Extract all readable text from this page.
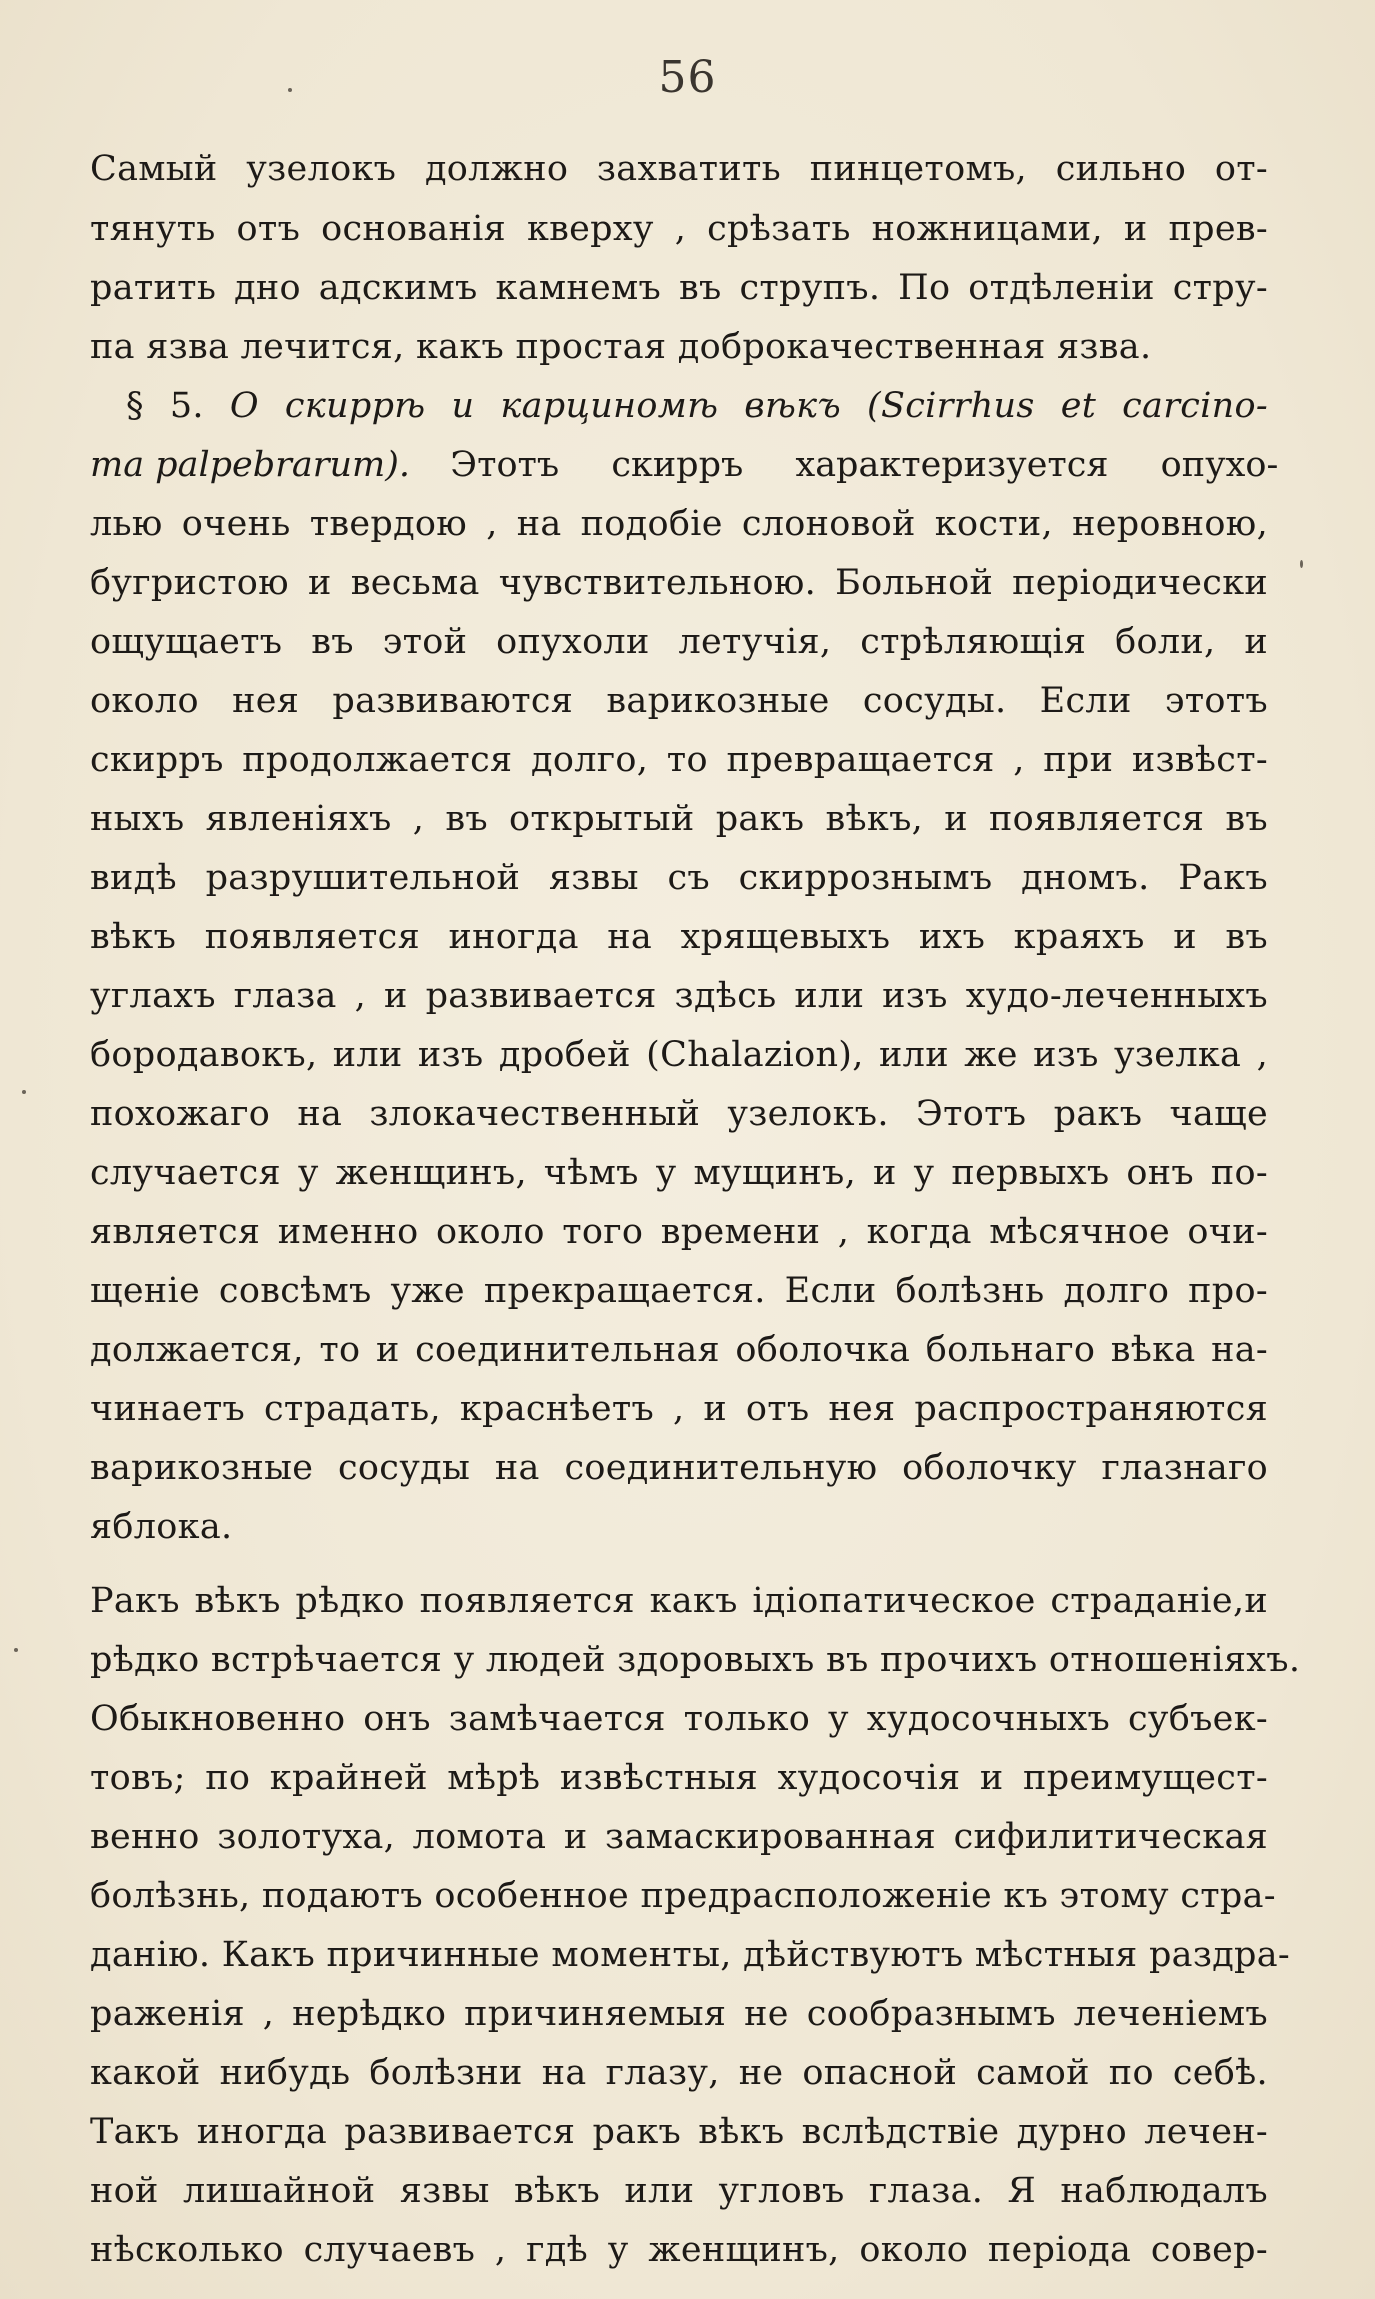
56
Самый узелокъ должно захватить пинцетомъ, сильно от-
тянуть отъ основанія кверху , срѣзать ножницами, и прев-
ратить дно адскимъ камнемъ въ струпъ. По отдѣленіи стру-
па язва лечится, какъ простая доброкачественная язва.
§ 5. О скиррѣ и карциномѣ вѣкъ (Scirrhus et carcino-
ma palpebrarum). Этотъ скирръ характеризуется опухо-
лью очень твердою , на подобіе слоновой кости, неровною,
бугристою и весьма чувствительною. Больной періодически
ощущаетъ въ этой опухоли летучія, стрѣляющія боли, и
около нея развиваются варикозные сосуды. Если этотъ
скирръ продолжается долго, то превращается , при извѣст-
ныхъ явленіяхъ , въ открытый ракъ вѣкъ, и появляется въ
видѣ разрушительной язвы съ скиррознымъ дномъ. Ракъ
вѣкъ появляется иногда на хрящевыхъ ихъ краяхъ и въ
углахъ глаза , и развивается здѣсь или изъ худо-леченныхъ
бородавокъ, или изъ дробей (Chalazion), или же изъ узелка ,
похожаго на злокачественный узелокъ. Этотъ ракъ чаще
случается у женщинъ, чѣмъ у мущинъ, и у первыхъ онъ по-
является именно около того времени , когда мѣсячное очи-
щеніе совсѣмъ уже прекращается. Если болѣзнь долго про-
должается, то и соединительная оболочка больнаго вѣка на-
чинаетъ страдать, краснѣетъ , и отъ нея распространяются
варикозные сосуды на соединительную оболочку глазнаго
яблока.
Ракъ вѣкъ рѣдко появляется какъ ідіопатическое страданіе,и
рѣдко встрѣчается у людей здоровыхъ въ прочихъ отношеніяхъ.
Обыкновенно онъ замѣчается только у худосочныхъ субъек-
товъ; по крайней мѣрѣ извѣстныя худосочія и преимущест-
венно золотуха, ломота и замаскированная сифилитическая
болѣзнь, подаютъ особенное предрасположеніе къ этому стра-
данію. Какъ причинные моменты, дѣйствуютъ мѣстныя раздра-
раженія , нерѣдко причиняемыя не сообразнымъ леченіемъ
какой нибудь болѣзни на глазу, не опасной самой по себѣ.
Такъ иногда развивается ракъ вѣкъ вслѣдствіе дурно лечен-
ной лишайной язвы вѣкъ или угловъ глаза. Я наблюдалъ
нѣсколько случаевъ , гдѣ у женщинъ, около періода совер-
